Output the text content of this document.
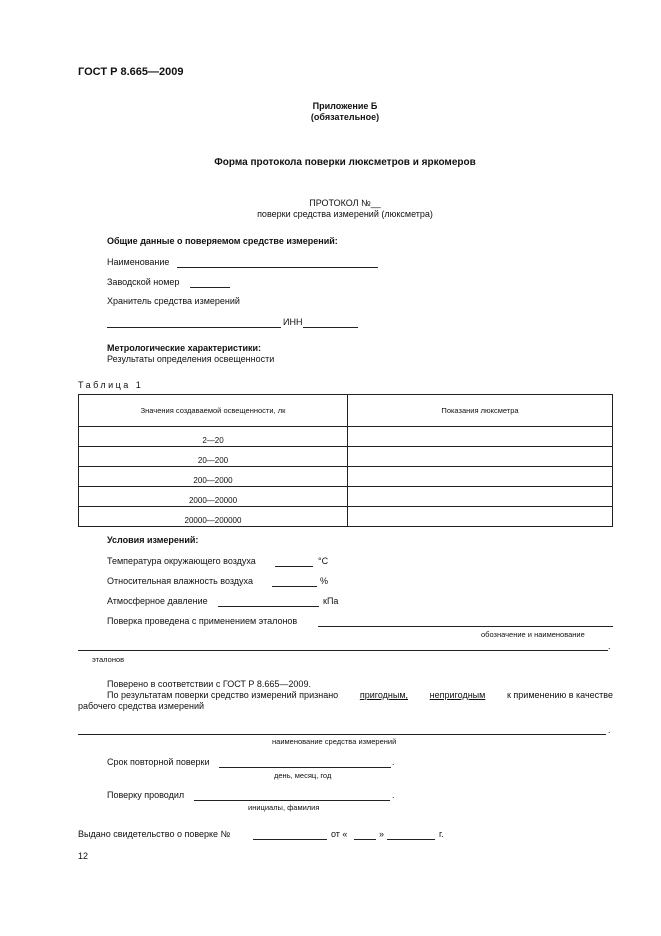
ГОСТ Р 8.665—2009
Приложение Б
(обязательное)
Форма протокола поверки люксметров и яркомеров
ПРОТОКОЛ №__
поверки средства измерений (люксметра)
Общие данные о поверяемом средстве измерений:
Наименование
Заводской номер
Хранитель средства измерений
ИНН
Метрологические характеристики:
Результаты определения освещенности
Таблица 1
Значения создаваемой освещенности, лк	Показания люксметра
2—20	
20—200	
200—2000	
2000—20000	
20000—200000	
Условия измерений:
Температура окружающего воздуха	°С
Относительная влажность воздуха	%
Атмосферное давление	кПа
Поверка проведена с применением эталонов
обозначение и наименование
.
эталонов
Поверено в соответствии с ГОСТ Р 8.665—2009.
По результатам поверки средство измерений признано пригодным, непригодным к применению в качестве
рабочего средства измерений
.
наименование средства измерений
Срок повторной поверки	.
день, месяц, год
Поверку проводил	.
инициалы, фамилия
Выдано свидетельство о поверке №	от «	»	г.
12
